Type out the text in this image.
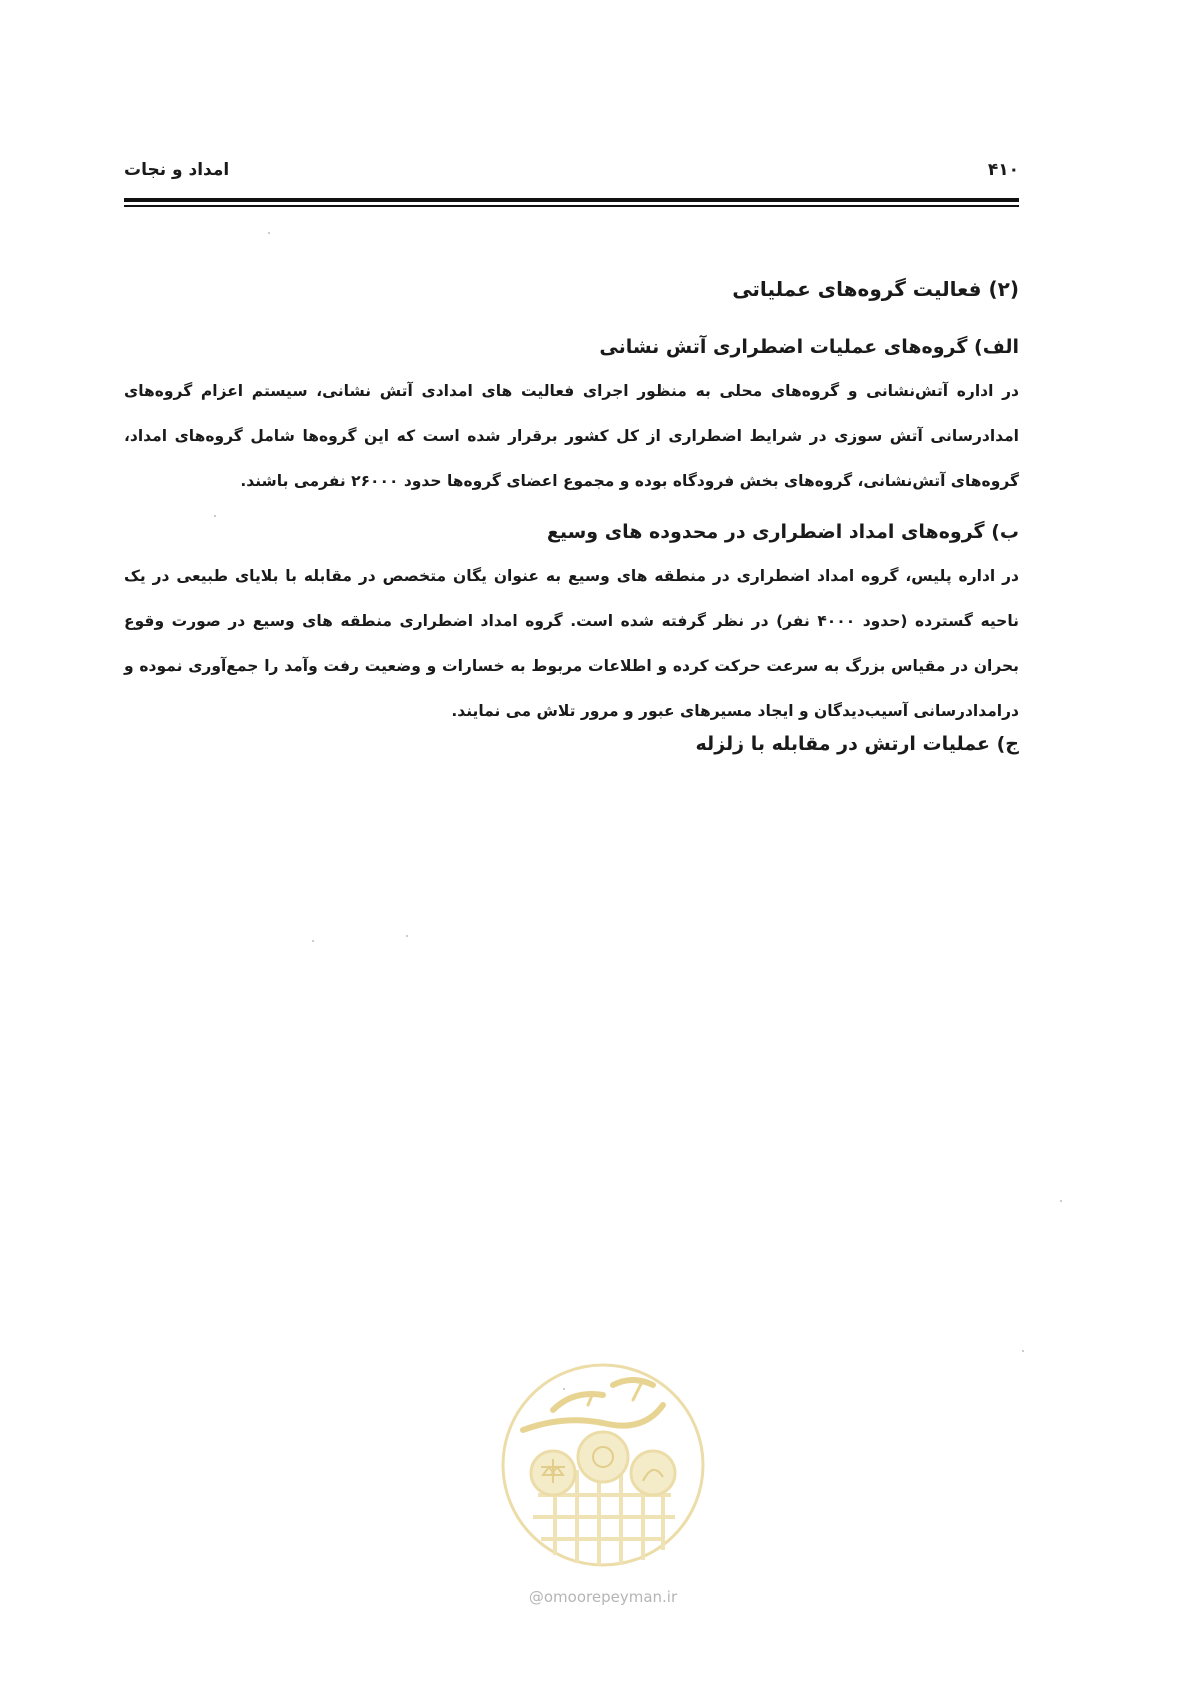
۴۱۰
امداد و نجات
(۲) فعالیت گروه‌های عملیاتی
الف) گروه‌های عملیات اضطراری آتش نشانی

در اداره آتش‌نشانی و گروه‌های محلی به منظور اجرای فعالیت های امدادی آتش نشانی، سیستم اعزام گروه‌های امدادرسانی آتش سوزی در شرایط اضطراری از کل کشور برقرار شده است که این گروه‌ها شامل گروه‌های امداد، گروه‌های آتش‌نشانی، گروه‌های بخش فرودگاه بوده و مجموع اعضای گروه‌ها حدود ۲۶۰۰۰ نفرمی باشند.

ب) گروه‌های امداد اضطراری در محدوده های وسیع

در اداره پلیس، گروه امداد اضطراری در منطقه های وسیع به عنوان یگان متخصص در مقابله با بلایای طبیعی در یک ناحیه گسترده (حدود ۴۰۰۰ نفر) در نظر گرفته شده است. گروه امداد اضطراری منطقه های وسیع در صورت وقوع بحران در مقیاس بزرگ به سرعت حرکت کرده و اطلاعات مربوط به خسارات و وضعیت رفت وآمد را جمع‌آوری نموده و درامدادرسانی آسیب‌دیدگان و ایجاد مسیرهای عبور و مرور تلاش می نمایند.

ج) عملیات ارتش در مقابله با زلزله
@omoorepeyman.ir
